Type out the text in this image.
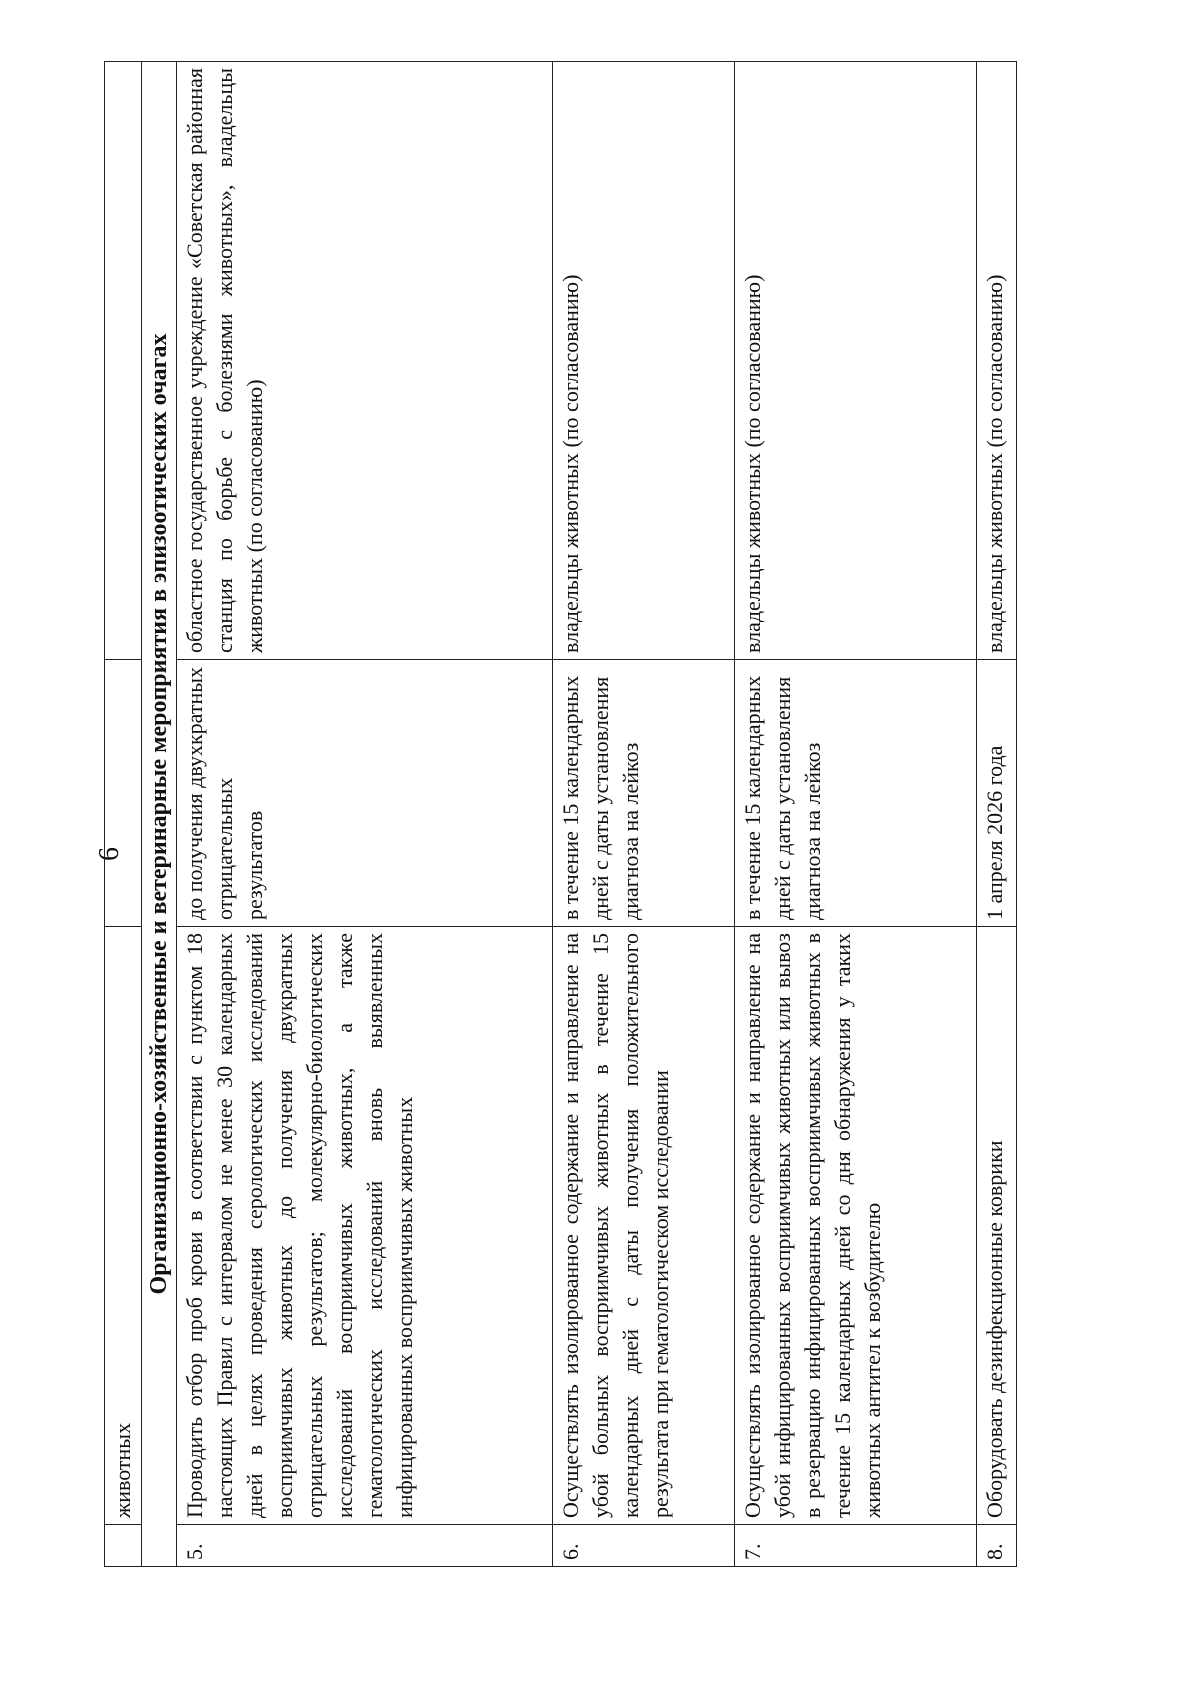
6
	животных		
Организационно-хозяйственные и ветеринарные мероприятия в эпизоотических очагах			
5.	Проводить отбор проб крови в соответствии с пунктом 18 настоящих Правил с интервалом не менее 30 календарных дней в целях проведения серологических исследований восприимчивых животных до получения двукратных отрицательных результатов; молекулярно-биологических исследований восприимчивых животных, а также гематологических исследований вновь выявленных инфицированных восприимчивых животных	до получения двухкратных отрицательных результатов	областное государственное учреждение «Советская районная станция по борьбе с болезнями животных», владельцы животных (по согласованию)
6.	Осуществлять изолированное содержание и направление на убой больных восприимчивых животных в течение 15 календарных дней с даты получения положительного результата при гематологическом исследовании	в течение 15 календарных дней с даты установления диагноза на лейкоз	владельцы животных (по согласованию)
7.	Осуществлять изолированное содержание и направление на убой инфицированных восприимчивых животных или вывоз в резервацию инфицированных восприимчивых животных в течение 15 календарных дней со дня обнаружения у таких животных антител к возбудителю	в течение 15 календарных дней с даты установления диагноза на лейкоз	владельцы животных (по согласованию)
8.	Оборудовать дезинфекционные коврики	1 апреля 2026 года	владельцы животных (по согласованию)
